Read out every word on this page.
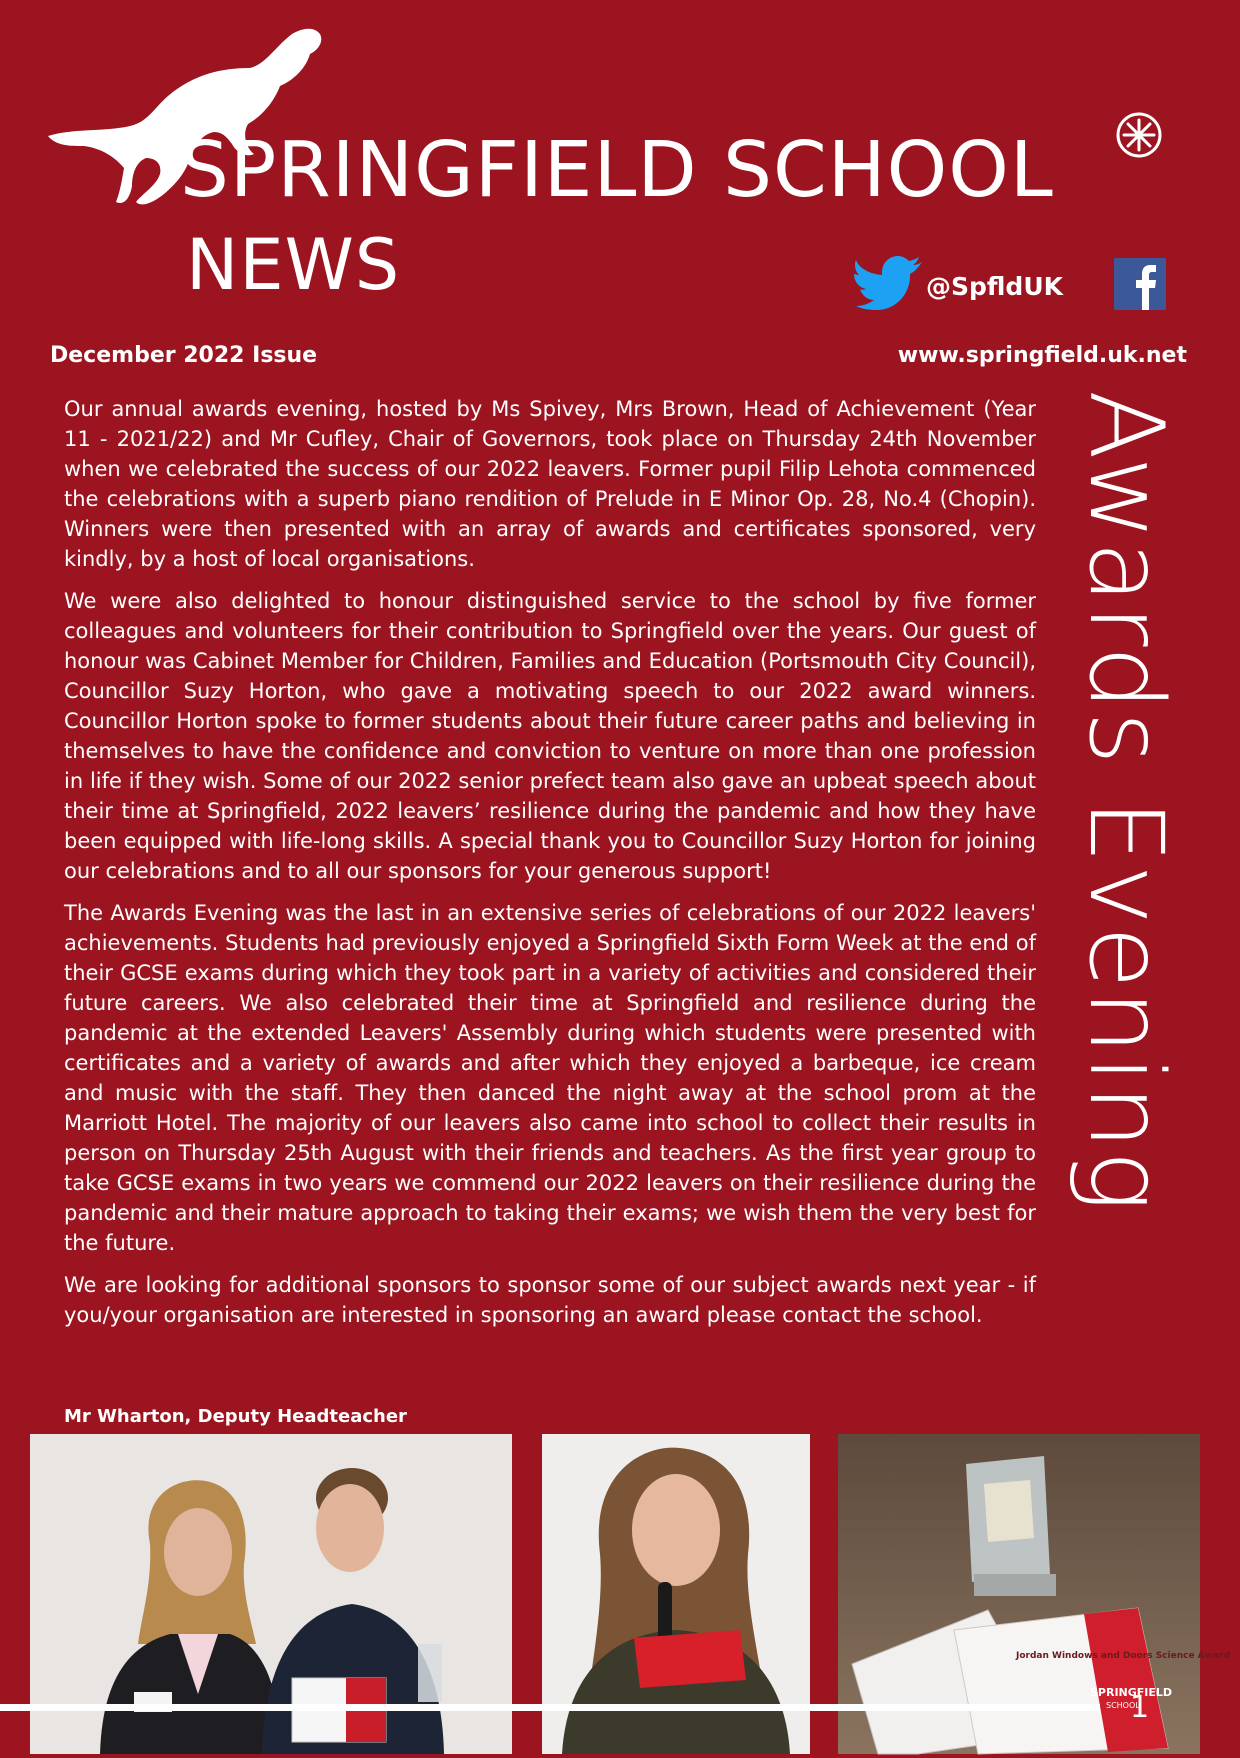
SPRINGFIELD SCHOOL
NEWS	@SpfldUK
December 2022 Issue	www.springfield.uk.net
Awards Evening

Our annual awards evening, hosted by Ms Spivey, Mrs Brown, Head of Achievement (Year 11 - 2021/22) and Mr Cufley, Chair of Governors, took place on Thursday 24th November when we celebrated the success of our 2022 leavers. Former pupil Filip Lehota commenced the celebrations with a superb piano rendition of Prelude in E Minor Op. 28, No.4 (Chopin). Winners were then presented with an array of awards and certificates sponsored, very kindly, by a host of local organisations.

We were also delighted to honour distinguished service to the school by five former colleagues and volunteers for their contribution to Springfield over the years. Our guest of honour was Cabinet Member for Children, Families and Education (Portsmouth City Council), Councillor Suzy Horton, who gave a motivating speech to our 2022 award winners. Councillor Horton spoke to former students about their future career paths and believing in themselves to have the confidence and conviction to venture on more than one profession in life if they wish. Some of our 2022 senior prefect team also gave an upbeat speech about their time at Springfield, 2022 leavers’ resilience during the pandemic and how they have been equipped with life-long skills. A special thank you to Councillor Suzy Horton for joining our celebrations and to all our sponsors for your generous support!

The Awards Evening was the last in an extensive series of celebrations of our 2022 leavers' achievements. Students had previously enjoyed a Springfield Sixth Form Week at the end of their GCSE exams during which they took part in a variety of activities and considered their future careers. We also celebrated their time at Springfield and resilience during the pandemic at the extended Leavers' Assembly during which students were presented with certificates and a variety of awards and after which they enjoyed a barbeque, ice cream and music with the staff. They then danced the night away at the school prom at the Marriott Hotel. The majority of our leavers also came into school to collect their results in person on Thursday 25th August with their friends and teachers. As the first year group to take GCSE exams in two years we commend our 2022 leavers on their resilience during the pandemic and their mature approach to taking their exams; we wish them the very best for the future.

We are looking for additional sponsors to sponsor some of our subject awards next year - if you/your organisation are interested in sponsoring an award please contact the school.

Mr Wharton, Deputy Headteacher
Jordan Windows and Doors Science Award
SPRINGFIELD
SCHOOL
1
